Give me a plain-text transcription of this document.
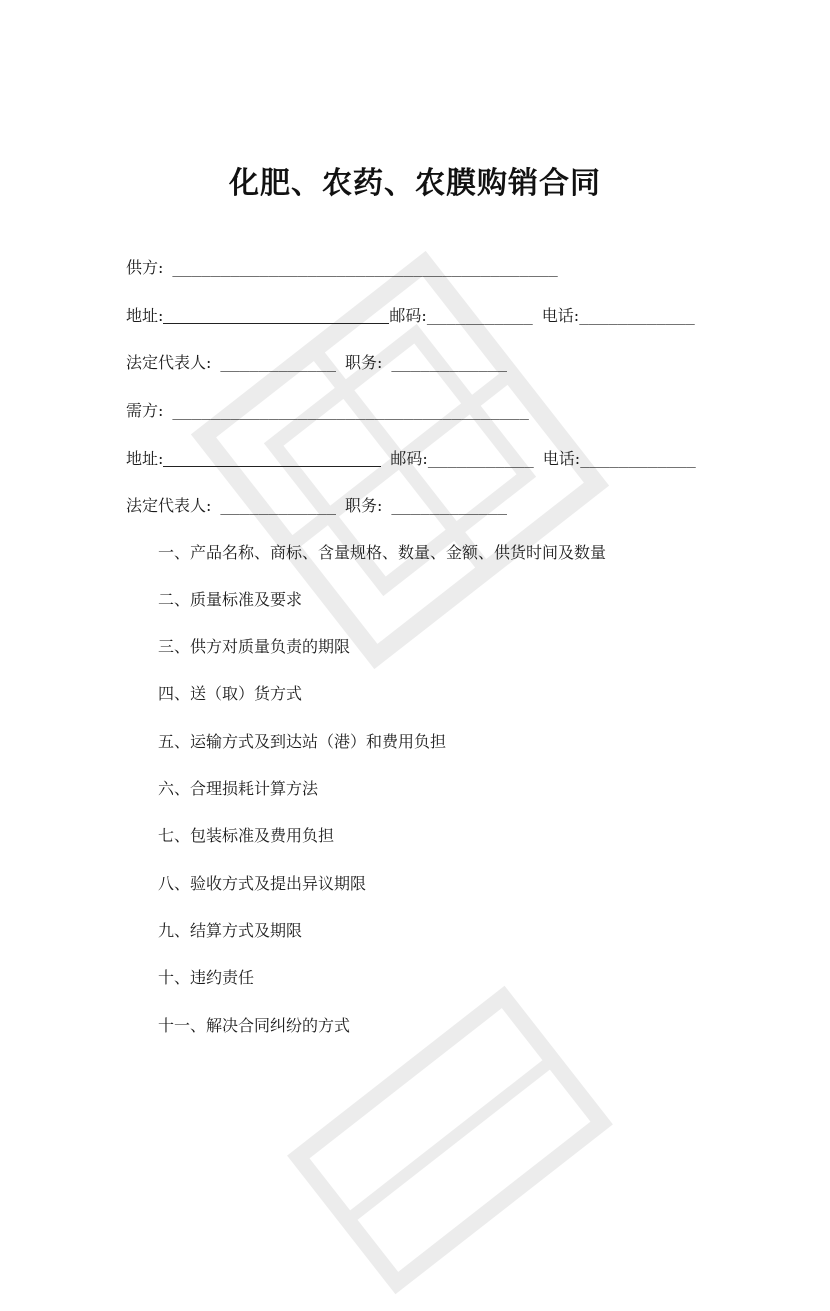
化肥、农药、农膜购销合同
供方: ________________________________________
地址:	邮码:___________ 电话:____________
法定代表人: ____________ 职务: ____________
需方: _____________________________________
地址:	邮码:___________ 电话:____________
法定代表人: ____________ 职务: ____________
一、产品名称、商标、含量规格、数量、金额、供货时间及数量
二、质量标准及要求
三、供方对质量负责的期限
四、送（取）货方式
五、运输方式及到达站（港）和费用负担
六、合理损耗计算方法
七、包装标准及费用负担
八、验收方式及提出异议期限
九、结算方式及期限
十、违约责任
十一、解决合同纠纷的方式
